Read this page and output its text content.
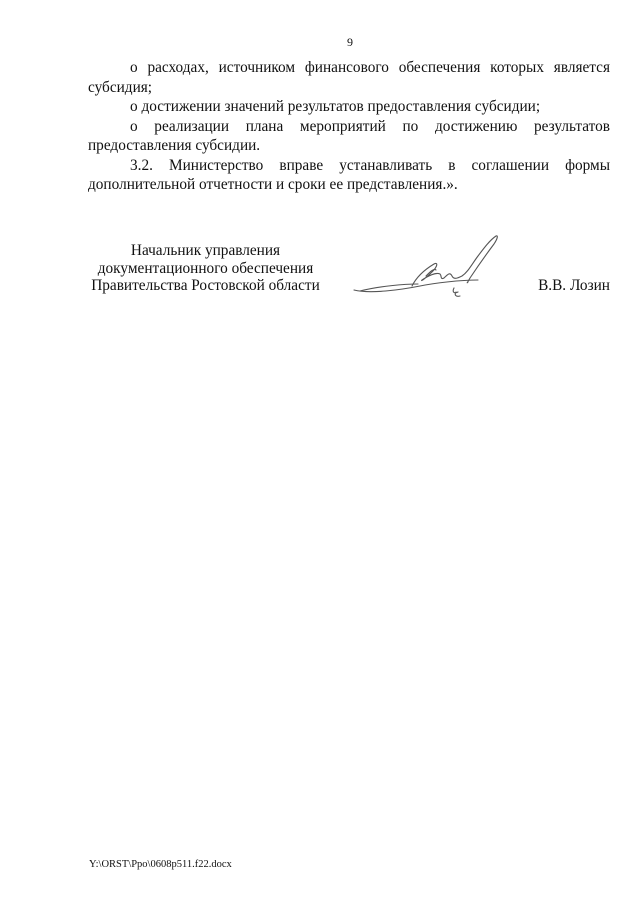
9

о расходах, источником финансового обеспечения которых является субсидия;

о достижении значений результатов предоставления субсидии;

о реализации плана мероприятий по достижению результатов предоставления субсидии.

3.2. Министерство вправе устанавливать в соглашении формы дополнительной отчетности и сроки ее представления.».

Начальник управления
документационного обеспечения
Правительства Ростовской области	В.В. Лозин
Y:\ORST\Ppo\0608p511.f22.docx
